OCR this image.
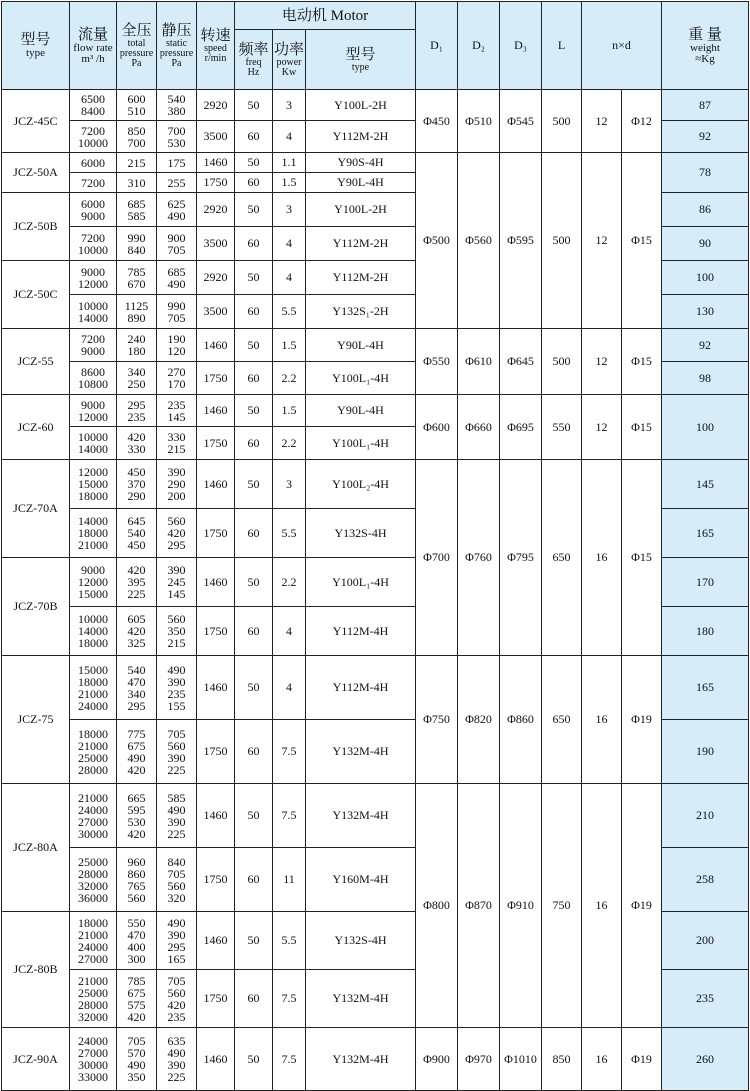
型号
type	流量
flow rate
m³ /h	全压
total pressure
Pa	静压
static pressure
Pa	转速
speed
r/min	电动机 Motor			D₁	D₂	D₃	L	n×d		重 量
weight
≈Kg

					频率
freq
Hz	功率
power
Kw	型号
type							

JCZ-45C	6500
8400	600
510	540
380	2920	50	3	Y100L-2H	Φ450	Φ510	Φ545	500	12	Φ12	87

	7200
10000	850
700	700
530	3500	60	4	Y112M-2H							92
JCZ-50A	6000	215	175	1460	50	1.1	Y90S-4H	Φ500	Φ560	Φ595	500	12	Φ15	78

	7200	310	255	1750	60	1.5	Y90L-4H							
JCZ-50B	6000
9000	685
585	625
490	2920	50	3	Y100L-2H							86

	7200
10000	990
840	900
705	3500	60	4	Y112M-2H							90
JCZ-50C	9000
12000	785
670	685
490	2920	50	4	Y112M-2H							100

	10000
14000	1125
890	990
705	3500	60	5.5	Y132S₁-2H							130
JCZ-55	7200
9000	240
180	190
120	1460	50	1.5	Y90L-4H	Φ550	Φ610	Φ645	500	12	Φ15	92

	8600
10800	340
250	270
170	1750	60	2.2	Y100L₁-4H							98
JCZ-60	9000
12000	295
235	235
145	1460	50	1.5	Y90L-4H	Φ600	Φ660	Φ695	550	12	Φ15	100

	10000
14000	420
330	330
215	1750	60	2.2	Y100L₁-4H							
JCZ-70A	12000
15000
18000	450
370
290	390
290
200	1460	50	3	Y100L₂-4H	Φ700	Φ760	Φ795	650	16	Φ15	145

	14000
18000
21000	645
540
450	560
420
295	1750	60	5.5	Y132S-4H							165
JCZ-70B	9000
12000
15000	420
395
225	390
245
145	1460	50	2.2	Y100L₁-4H							170

	10000
14000
18000	605
420
325	560
350
215	1750	60	4	Y112M-4H							180
JCZ-75	15000
18000
21000
24000	540
470
340
295	490
390
235
155	1460	50	4	Y112M-4H	Φ750	Φ820	Φ860	650	16	Φ19	165

	18000
21000
25000
28000	775
675
490
420	705
560
390
225	1750	60	7.5	Y132M-4H							190
JCZ-80A	21000
24000
27000
30000	665
595
530
420	585
490
390
225	1460	50	7.5	Y132M-4H	Φ800	Φ870	Φ910	750	16	Φ19	210

	25000
28000
32000
36000	960
860
765
560	840
705
560
320	1750	60	11	Y160M-4H							258
JCZ-80B	18000
21000
24000
27000	550
470
400
300	490
390
295
165	1460	50	5.5	Y132S-4H							200

	21000
25000
28000
32000	785
675
575
420	705
560
420
235	1750	60	7.5	Y132M-4H							235
JCZ-90A	24000
27000
30000
33000	705
570
490
350	635
490
390
225	1460	50	7.5	Y132M-4H	Φ900	Φ970	Φ1010	850	16	Φ19	260
